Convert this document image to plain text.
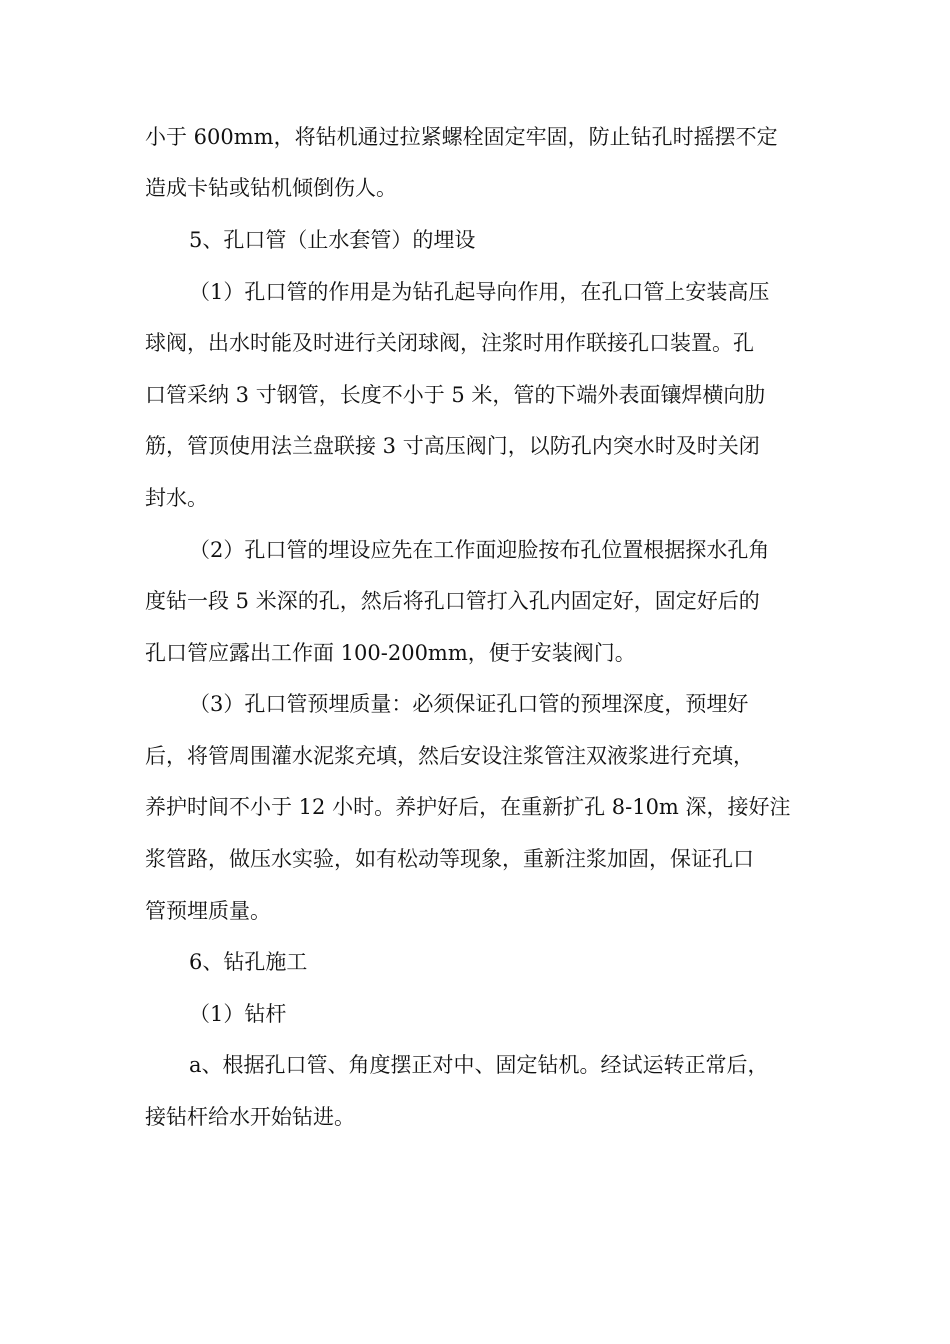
小于 600mm，将钻机通过拉紧螺栓固定牢固，防止钻孔时摇摆不定
造成卡钻或钻机倾倒伤人。
5、孔口管（止水套管）的埋设
（1）孔口管的作用是为钻孔起导向作用，在孔口管上安装高压
球阀，出水时能及时进行关闭球阀，注浆时用作联接孔口装置。孔
口管采纳 3 寸钢管，长度不小于 5 米，管的下端外表面镶焊横向肋
筋，管顶使用法兰盘联接 3 寸高压阀门，以防孔内突水时及时关闭
封水。
（2）孔口管的埋设应先在工作面迎脸按布孔位置根据探水孔角
度钻一段 5 米深的孔，然后将孔口管打入孔内固定好，固定好后的
孔口管应露出工作面 100-200mm，便于安装阀门。
（3）孔口管预埋质量：必须保证孔口管的预埋深度，预埋好
后，将管周围灌水泥浆充填，然后安设注浆管注双液浆进行充填，
养护时间不小于 12 小时。养护好后，在重新扩孔 8-10m 深，接好注
浆管路，做压水实验，如有松动等现象，重新注浆加固，保证孔口
管预埋质量。
6、钻孔施工
（1）钻杆
a、根据孔口管、角度摆正对中、固定钻机。经试运转正常后，
接钻杆给水开始钻进。
